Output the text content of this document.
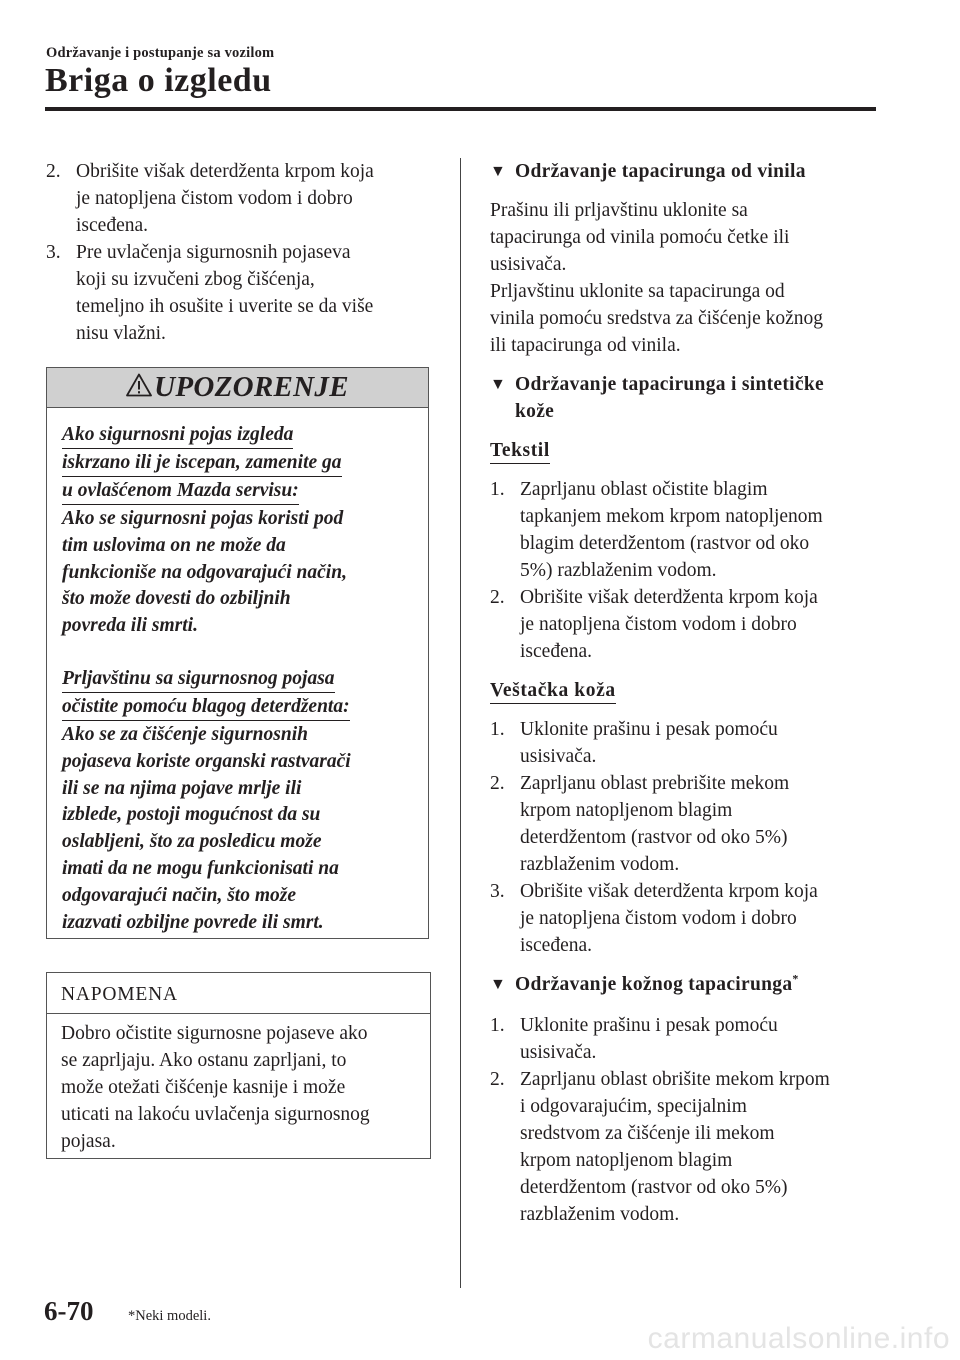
Održavanje i postupanje sa vozilom
Briga o izgledu
2. Obrišite višak deterdženta krpom koja
je natopljena čistom vodom i dobro
isceđena.
3. Pre uvlačenja sigurnosnih pojaseva
koji su izvučeni zbog čišćenja,
temeljno ih osušite i uverite se da više
nisu vlažni.
UPOZORENJE
Ako sigurnosni pojas izgleda
iskrzano ili je iscepan, zamenite ga
u ovlašćenom Mazda servisu:
Ako se sigurnosni pojas koristi pod
tim uslovima on ne može da
funkcioniše na odgovarajući način,
što može dovesti do ozbiljnih
povreda ili smrti.
Prljavštinu sa sigurnosnog pojasa
očistite pomoću blagog deterdženta:
Ako se za čišćenje sigurnosnih
pojaseva koriste organski rastvarači
ili se na njima pojave mrlje ili
izblede, postoji mogućnost da su
oslabljeni, što za posledicu može
imati da ne mogu funkcionisati na
odgovarajući način, što može
izazvati ozbiljne povrede ili smrt.
NAPOMENA
Dobro očistite sigurnosne pojaseve ako
se zaprljaju. Ako ostanu zaprljani, to
može otežati čišćenje kasnije i može
uticati na lakoću uvlačenja sigurnosnog
pojasa.
▼ Održavanje tapacirunga od vinila
Prašinu ili prljavštinu uklonite sa
tapacirunga od vinila pomoću četke ili
usisivača.
Prljavštinu uklonite sa tapacirunga od
vinila pomoću sredstva za čišćenje kožnog
ili tapacirunga od vinila.
▼ Održavanje tapacirunga i sintetičke
kože
Tekstil
1. Zaprljanu oblast očistite blagim
tapkanjem mekom krpom natopljenom
blagim deterdžentom (rastvor od oko
5%) razblaženim vodom.
2. Obrišite višak deterdženta krpom koja
je natopljena čistom vodom i dobro
iscеđena.
Veštačka koža
1. Uklonite prašinu i pesak pomoću
usisivača.
2. Zaprljanu oblast prebrišite mekom
krpom natopljenom blagim
deterdžentom (rastvor od oko 5%)
razblaženim vodom.
3. Obrišite višak deterdženta krpom koja
je natopljena čistom vodom i dobro
iscеđena.
▼ Održavanje kožnog tapacirunga*
1. Uklonite prašinu i pesak pomoću
usisivača.
2. Zaprljanu oblast obrišite mekom krpom
i odgovarajućim, specijalnim
sredstvom za čišćenje ili mekom
krpom natopljenom blagim
deterdžentom (rastvor od oko 5%)
razblaženim vodom.
6-70 *Neki modeli.
carmanualsonline.info
